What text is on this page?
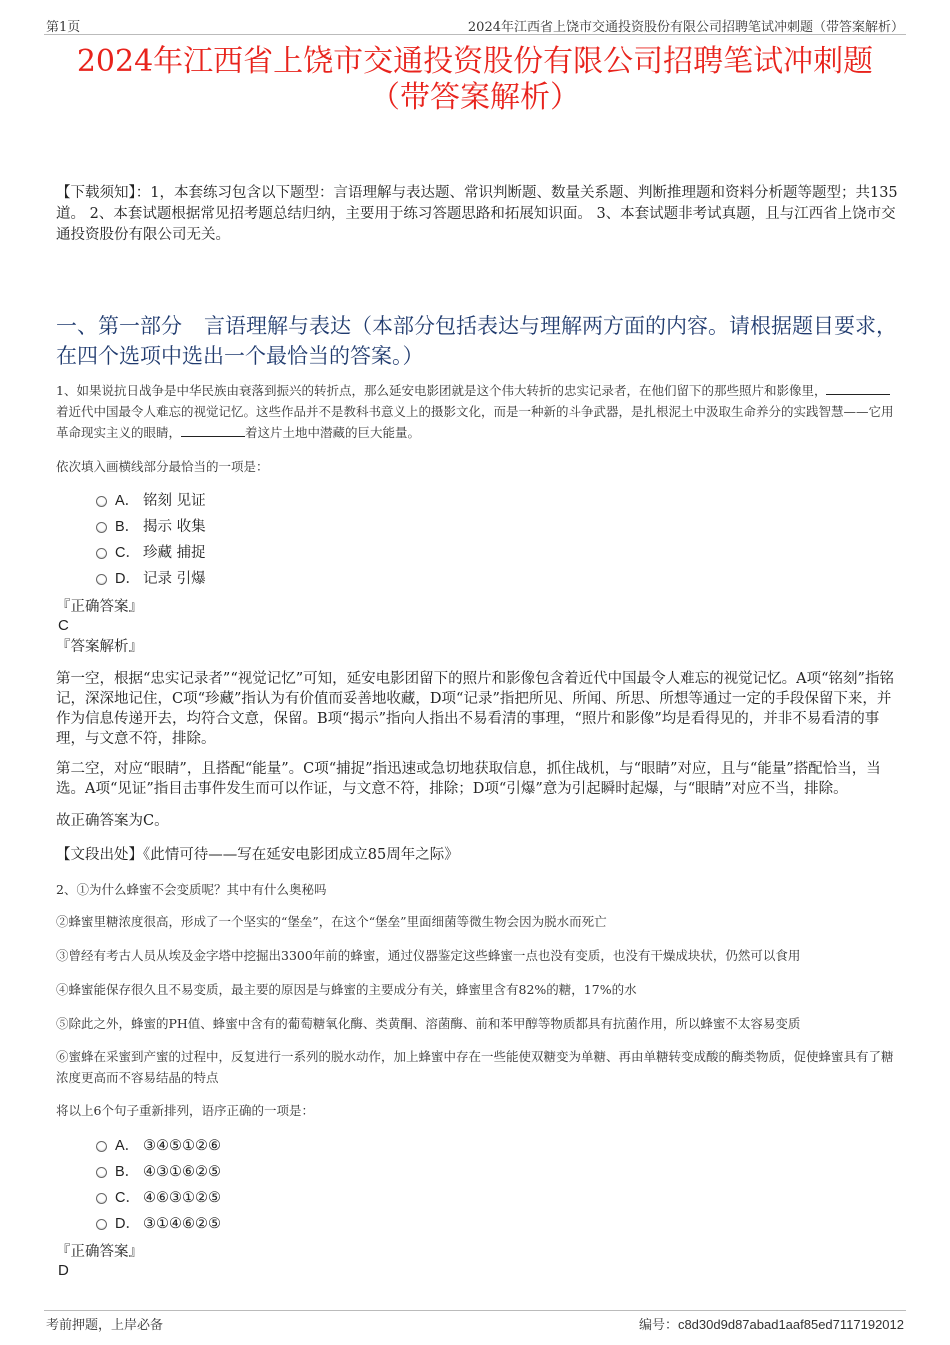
第1页	2024年江西省上饶市交通投资股份有限公司招聘笔试冲刺题（带答案解析）
2024年江西省上饶市交通投资股份有限公司招聘笔试冲刺题
（带答案解析）
【下载须知】：1，本套练习包含以下题型：言语理解与表达题、常识判断题、数量关系题、判断推理题和资料分析题等题型；共135道。 2、本套试题根据常见招考题总结归纳，主要用于练习答题思路和拓展知识面。 3、本套试题非考试真题，且与江西省上饶市交通投资股份有限公司无关。
一、第一部分 言语理解与表达（本部分包括表达与理解两方面的内容。请根据题目要求，在四个选项中选出一个最恰当的答案。）
1、如果说抗日战争是中华民族由衰落到振兴的转折点，那么延安电影团就是这个伟大转折的忠实记录者，在他们留下的那些照片和影像里，着近代中国最令人难忘的视觉记忆。这些作品并不是教科书意义上的摄影文化，而是一种新的斗争武器，是扎根泥土中汲取生命养分的实践智慧——它用革命现实主义的眼睛，	着这片土地中潜藏的巨大能量。
依次填入画横线部分最恰当的一项是：
A． 铭刻 见证
B． 揭示 收集
C． 珍藏 捕捉
D． 记录 引爆
『正确答案』
C
『答案解析』
第一空，根据“忠实记录者”“视觉记忆”可知，延安电影团留下的照片和影像包含着近代中国最令人难忘的视觉记忆。A项“铭刻”指铭记，深深地记住，C项“珍藏”指认为有价值而妥善地收藏，D项“记录”指把所见、所闻、所思、所想等通过一定的手段保留下来，并作为信息传递开去，均符合文意，保留。B项“揭示”指向人指出不易看清的事理，“照片和影像”均是看得见的，并非不易看清的事理，与文意不符，排除。
第二空，对应“眼睛”，且搭配“能量”。C项“捕捉”指迅速或急切地获取信息，抓住战机，与“眼睛”对应，且与“能量”搭配恰当，当选。A项“见证”指目击事件发生而可以作证，与文意不符，排除；D项“引爆”意为引起瞬时起爆，与“眼睛”对应不当，排除。
故正确答案为C。
【文段出处】《此情可待——写在延安电影团成立85周年之际》
2、①为什么蜂蜜不会变质呢？其中有什么奥秘吗
②蜂蜜里糖浓度很高，形成了一个坚实的“堡垒”，在这个“堡垒”里面细菌等微生物会因为脱水而死亡
③曾经有考古人员从埃及金字塔中挖掘出3300年前的蜂蜜，通过仪器鉴定这些蜂蜜一点也没有变质，也没有干燥成块状，仍然可以食用
④蜂蜜能保存很久且不易变质，最主要的原因是与蜂蜜的主要成分有关，蜂蜜里含有82%的糖，17%的水
⑤除此之外，蜂蜜的PH值、蜂蜜中含有的葡萄糖氧化酶、类黄酮、溶菌酶、前和苯甲醇等物质都具有抗菌作用，所以蜂蜜不太容易变质
⑥蜜蜂在采蜜到产蜜的过程中，反复进行一系列的脱水动作，加上蜂蜜中存在一些能使双糖变为单糖、再由单糖转变成酸的酶类物质，促使蜂蜜具有了糖浓度更高而不容易结晶的特点
将以上6个句子重新排列，语序正确的一项是：
A． ③④⑤①②⑥
B． ④③①⑥②⑤
C． ④⑥③①②⑤
D． ③①④⑥②⑤
『正确答案』
D
考前押题，上岸必备	编号：c8d30d9d87abad1aaf85ed7117192012
